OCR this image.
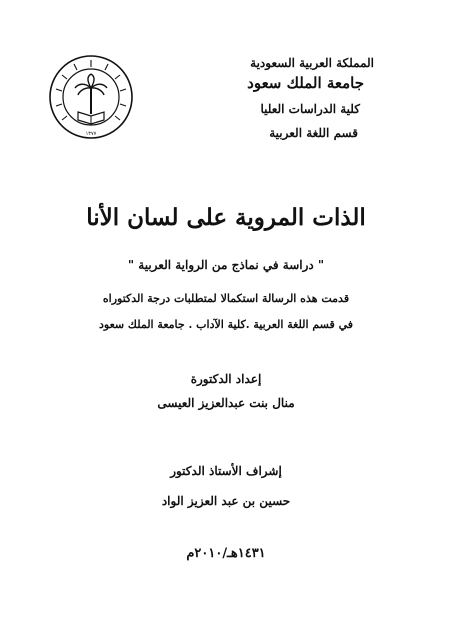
المملكة العربية السعودية
جامعة الملك سعود
كلية الدراسات العليا
قسم اللغة العربية
١٣٧٧
الذات المروية على لسان الأنا
" دراسة في نماذج من الرواية العربية "
قدمت هذه الرسالة استكمالا لمتطلبات درجة الدكتوراه
في قسم اللغة العربية .كلية الآداب . جامعة الملك سعود
إعداد الدكتورة
منال بنت عبدالعزيز العيسى
إشراف الأستاذ الدكتور
حسين بن عبد العزيز الواد
١٤٣١هـ/٢٠١٠م
